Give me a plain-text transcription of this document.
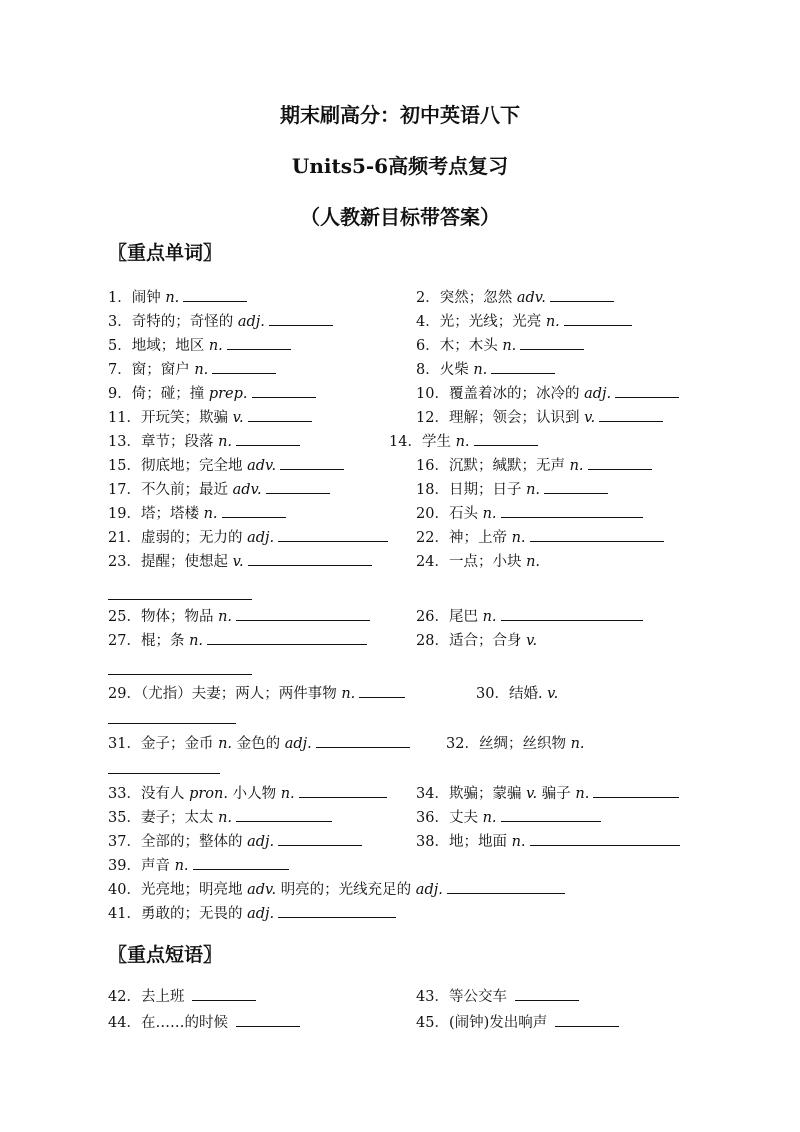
期末刷高分：初中英语八下
Units5-6高频考点复习
（人教新目标带答案）
〖重点单词〗
1．闹钟 n.	2．突然；忽然 adv.
3．奇特的；奇怪的 adj.	4．光；光线；光亮 n.
5．地域；地区 n.	6．木；木头 n.
7．窗；窗户 n.	8．火柴 n.
9．倚；碰；撞 prep.	10．覆盖着冰的；冰冷的 adj.
11．开玩笑；欺骗 v.	12．理解；领会；认识到 v.
13．章节；段落 n.	14．学生 n.
15．彻底地；完全地 adv.	16．沉默；缄默；无声 n.
17．不久前；最近 adv.	18．日期；日子 n.
19．塔；塔楼 n.	20．石头 n.
21．虚弱的；无力的 adj.	22．神；上帝 n.
23．提醒；使想起 v.	24．一点；小块 n.
25．物体；物品 n.	26．尾巴 n.
27．棍；条 n.	28．适合；合身 v.
29．（尤指）夫妻；两人；两件事物 n.	30．结婚. v.
31．金子；金币 n. 金色的 adj.	32．丝绸；丝织物 n.
33．没有人 pron. 小人物 n.	34．欺骗；蒙骗 v. 骗子 n.
35．妻子；太太 n.	36．丈夫 n.
37．全部的；整体的 adj.	38．地；地面 n.
39．声音 n.
40．光亮地；明亮地 adv. 明亮的；光线充足的 adj.
41．勇敢的；无畏的 adj.
〖重点短语〗
42．去上班	43．等公交车
44．在……的时候	45．(闹钟)发出响声
